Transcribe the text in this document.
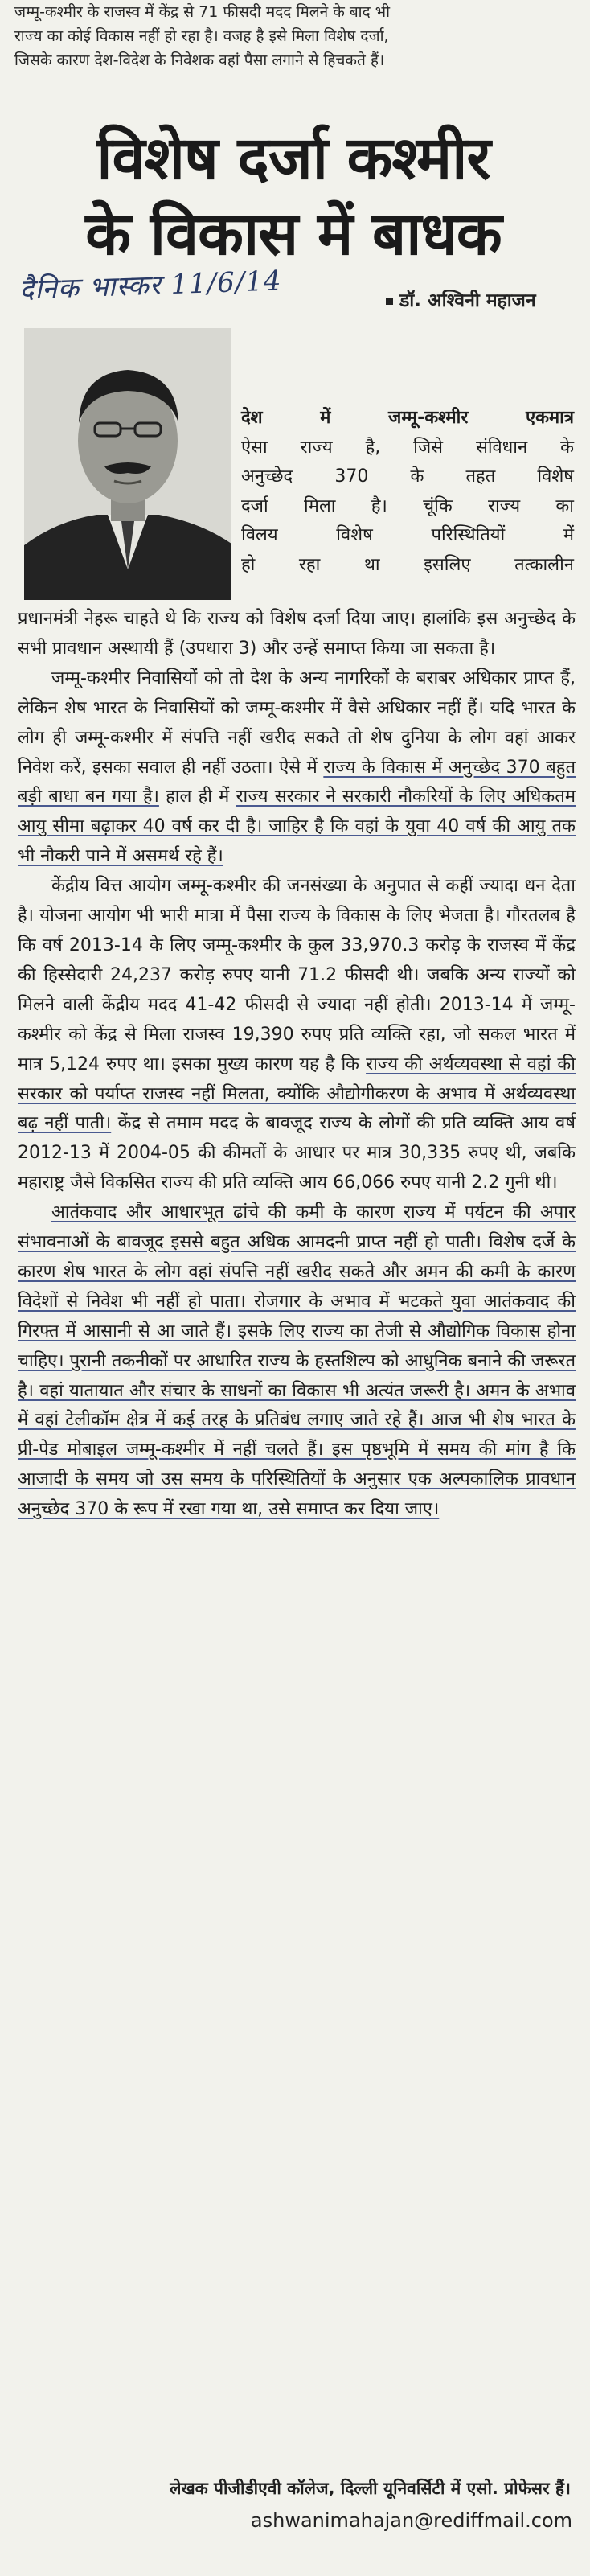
जम्मू-कश्मीर के राजस्व में केंद्र से 71 फीसदी मदद मिलने के बाद भी
राज्य का कोई विकास नहीं हो रहा है। वजह है इसे मिला विशेष दर्जा,
जिसके कारण देश-विदेश के निवेशक वहां पैसा लगाने से हिचकते हैं।
विशेष दर्जा कश्मीर
के विकास में बाधक
दैनिक भास्कर 11/6/14	डॉ. अश्विनी महाजन
देश में जम्मू-कश्मीर एकमात्र
ऐसा राज्य है, जिसे संविधान के
अनुच्छेद 370 के तहत विशेष
दर्जा मिला है। चूंकि राज्य का
विलय विशेष परिस्थितियों में
हो रहा था इसलिए तत्कालीन

प्रधानमंत्री नेहरू चाहते थे कि राज्य को विशेष दर्जा दिया जाए। हालांकि इस अनुच्छेद के सभी प्रावधान अस्थायी हैं (उपधारा 3) और उन्हें समाप्त किया जा सकता है।

जम्मू-कश्मीर निवासियों को तो देश के अन्य नागरिकों के बराबर अधिकार प्राप्त हैं, लेकिन शेष भारत के निवासियों को जम्मू-कश्मीर में वैसे अधिकार नहीं हैं। यदि भारत के लोग ही जम्मू-कश्मीर में संपत्ति नहीं खरीद सकते तो शेष दुनिया के लोग वहां आकर निवेश करें, इसका सवाल ही नहीं उठता। ऐसे में राज्य के विकास में अनुच्छेद 370 बहुत बड़ी बाधा बन गया है। हाल ही में राज्य सरकार ने सरकारी नौकरियों के लिए अधिकतम आयु सीमा बढ़ाकर 40 वर्ष कर दी है। जाहिर है कि वहां के युवा 40 वर्ष की आयु तक भी नौकरी पाने में असमर्थ रहे हैं।

केंद्रीय वित्त आयोग जम्मू-कश्मीर की जनसंख्या के अनुपात से कहीं ज्यादा धन देता है। योजना आयोग भी भारी मात्रा में पैसा राज्य के विकास के लिए भेजता है। गौरतलब है कि वर्ष 2013-14 के लिए जम्मू-कश्मीर के कुल 33,970.3 करोड़ के राजस्व में केंद्र की हिस्सेदारी 24,237 करोड़ रुपए यानी 71.2 फीसदी थी। जबकि अन्य राज्यों को मिलने वाली केंद्रीय मदद 41-42 फीसदी से ज्यादा नहीं होती। 2013-14 में जम्मू-कश्मीर को केंद्र से मिला राजस्व 19,390 रुपए प्रति व्यक्ति रहा, जो सकल भारत में मात्र 5,124 रुपए था। इसका मुख्य कारण यह है कि राज्य की अर्थव्यवस्था से वहां की सरकार को पर्याप्त राजस्व नहीं मिलता, क्योंकि औद्योगीकरण के अभाव में अर्थव्यवस्था बढ़ नहीं पाती। केंद्र से तमाम मदद के बावजूद राज्य के लोगों की प्रति व्यक्ति आय वर्ष 2012-13 में 2004-05 की कीमतों के आधार पर मात्र 30,335 रुपए थी, जबकि महाराष्ट्र जैसे विकसित राज्य की प्रति व्यक्ति आय 66,066 रुपए यानी 2.2 गुनी थी।

आतंकवाद और आधारभूत ढांचे की कमी के कारण राज्य में पर्यटन की अपार संभावनाओं के बावजूद इससे बहुत अधिक आमदनी प्राप्त नहीं हो पाती। विशेष दर्जे के कारण शेष भारत के लोग वहां संपत्ति नहीं खरीद सकते और अमन की कमी के कारण विदेशों से निवेश भी नहीं हो पाता। रोजगार के अभाव में भटकते युवा आतंकवाद की गिरफ्त में आसानी से आ जाते हैं। इसके लिए राज्य का तेजी से औद्योगिक विकास होना चाहिए। पुरानी तकनीकों पर आधारित राज्य के हस्तशिल्प को आधुनिक बनाने की जरूरत है। वहां यातायात और संचार के साधनों का विकास भी अत्यंत जरूरी है। अमन के अभाव में वहां टेलीकॉम क्षेत्र में कई तरह के प्रतिबंध लगाए जाते रहे हैं। आज भी शेष भारत के प्री-पेड मोबाइल जम्मू-कश्मीर में नहीं चलते हैं। इस पृष्ठभूमि में समय की मांग है कि आजादी के समय जो उस समय के परिस्थितियों के अनुसार एक अल्पकालिक प्रावधान अनुच्छेद 370 के रूप में रखा गया था, उसे समाप्त कर दिया जाए।

लेखक पीजीडीएवी कॉलेज, दिल्ली यूनिवर्सिटी में एसो. प्रोफेसर हैं।
ashwanimahajan@rediffmail.com
